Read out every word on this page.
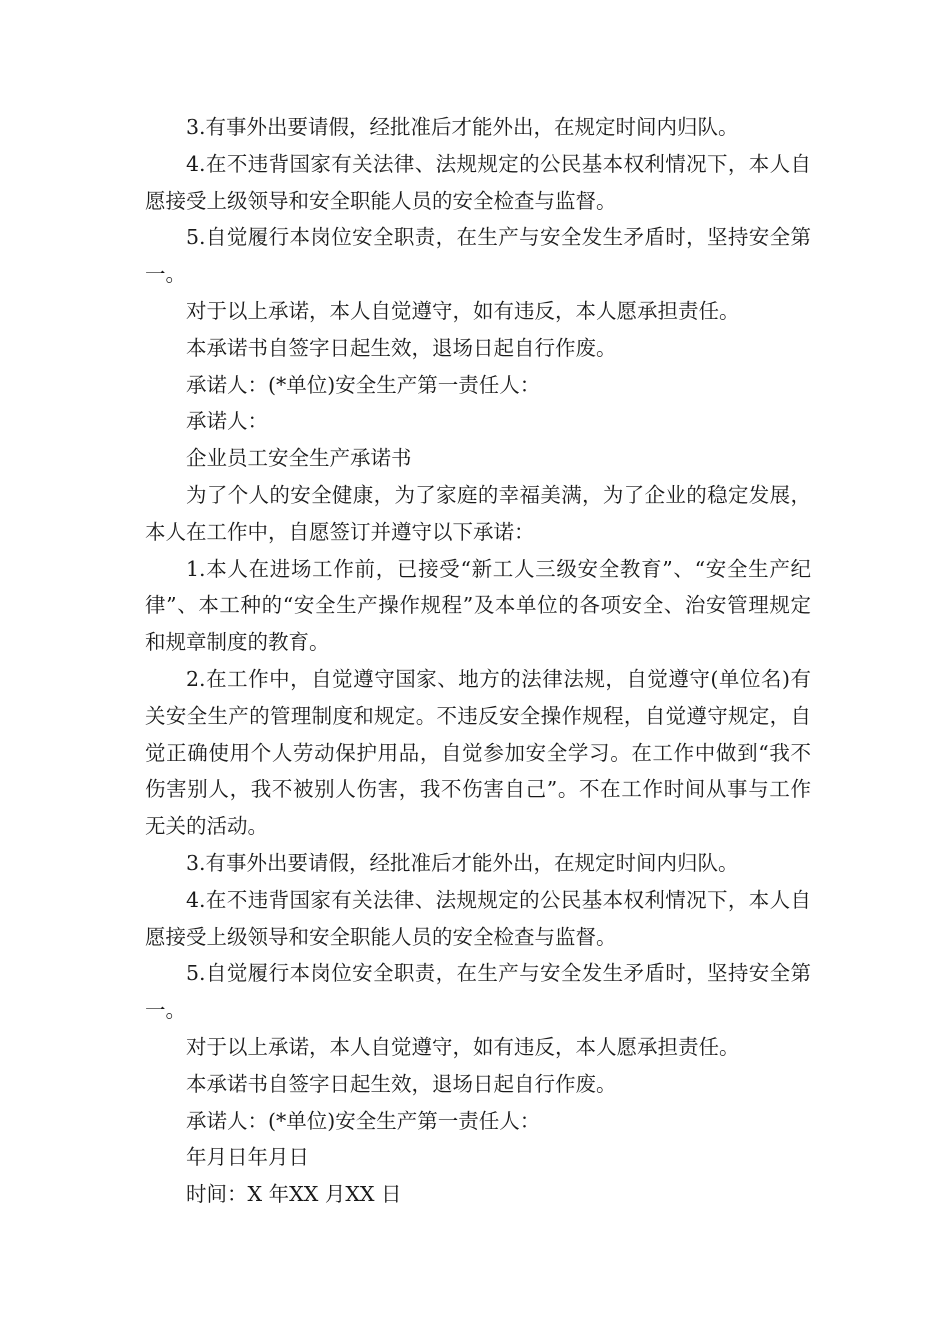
3.有事外出要请假，经批准后才能外出，在规定时间内归队。

4.在不违背国家有关法律、法规规定的公民基本权利情况下，本人自愿接受上级领导和安全职能人员的安全检查与监督。

5.自觉履行本岗位安全职责，在生产与安全发生矛盾时，坚持安全第一。

对于以上承诺，本人自觉遵守，如有违反，本人愿承担责任。

本承诺书自签字日起生效，退场日起自行作废。

承诺人：(*单位)安全生产第一责任人：

承诺人：

企业员工安全生产承诺书

为了个人的安全健康，为了家庭的幸福美满，为了企业的稳定发展，本人在工作中，自愿签订并遵守以下承诺：

1.本人在进场工作前，已接受“新工人三级安全教育”、“安全生产纪律”、本工种的“安全生产操作规程”及本单位的各项安全、治安管理规定和规章制度的教育。

2.在工作中，自觉遵守国家、地方的法律法规，自觉遵守(单位名)有关安全生产的管理制度和规定。不违反安全操作规程，自觉遵守规定，自觉正确使用个人劳动保护用品，自觉参加安全学习。在工作中做到“我不伤害别人，我不被别人伤害，我不伤害自己”。不在工作时间从事与工作无关的活动。

3.有事外出要请假，经批准后才能外出，在规定时间内归队。

4.在不违背国家有关法律、法规规定的公民基本权利情况下，本人自愿接受上级领导和安全职能人员的安全检查与监督。

5.自觉履行本岗位安全职责，在生产与安全发生矛盾时，坚持安全第一。

对于以上承诺，本人自觉遵守，如有违反，本人愿承担责任。

本承诺书自签字日起生效，退场日起自行作废。

承诺人：(*单位)安全生产第一责任人：

年月日年月日

时间：X 年XX 月XX 日
